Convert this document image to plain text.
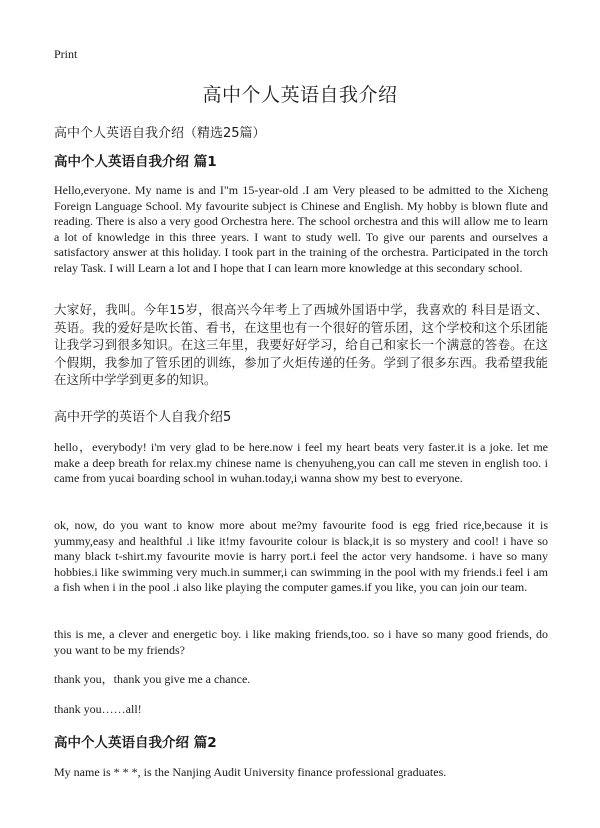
Print
高中个人英语自我介绍
高中个人英语自我介绍（精选25篇）
高中个人英语自我介绍 篇1
Hello,everyone. My name is and I"m 15-year-old .I am Very pleased to be admitted to the Xicheng Foreign Language School. My favourite subject is Chinese and English. My hobby is blown flute and reading. There is also a very good Orchestra here. The school orchestra and this will allow me to learn a lot of knowledge in this three years. I want to study well. To give our parents and ourselves a satisfactory answer at this holiday. I took part in the training of the orchestra. Participated in the torch relay Task. I will Learn a lot and I hope that I can learn more knowledge at this secondary school.
大家好，我叫。今年15岁，很高兴今年考上了西城外国语中学，我喜欢的 科目是语文、英语。我的爱好是吹长笛、看书，在这里也有一个很好的管乐团，这个学校和这个乐团能让我学习到很多知识。在这三年里，我要好好学习，给自己和家长一个满意的答卷。在这个假期，我参加了管乐团的训练，参加了火炬传递的任务。学到了很多东西。我希望我能在这所中学学到更多的知识。
高中开学的英语个人自我介绍5
hello，everybody! i'm very glad to be here.now i feel my heart beats very faster.it is a joke. let me make a deep breath for relax.my chinese name is chenyuheng,you can call me steven in english too. i came from yucai boarding school in wuhan.today,i wanna show my best to everyone.
ok, now, do you want to know more about me?my favourite food is egg fried rice,because it is yummy,easy and healthful .i like it!my favourite colour is black,it is so mystery and cool! i have so many black t-shirt.my favourite movie is harry port.i feel the actor very handsome. i have so many hobbies.i like swimming very much.in summer,i can swimming in the pool with my friends.i feel i am a fish when i in the pool .i also like playing the computer games.if you like, you can join our team.
this is me, a clever and energetic boy. i like making friends,too. so i have so many good friends, do you want to be my friends?
thank you，thank you give me a chance.
thank you……all!
高中个人英语自我介绍 篇2
My name is * * *, is the Nanjing Audit University finance professional graduates.
